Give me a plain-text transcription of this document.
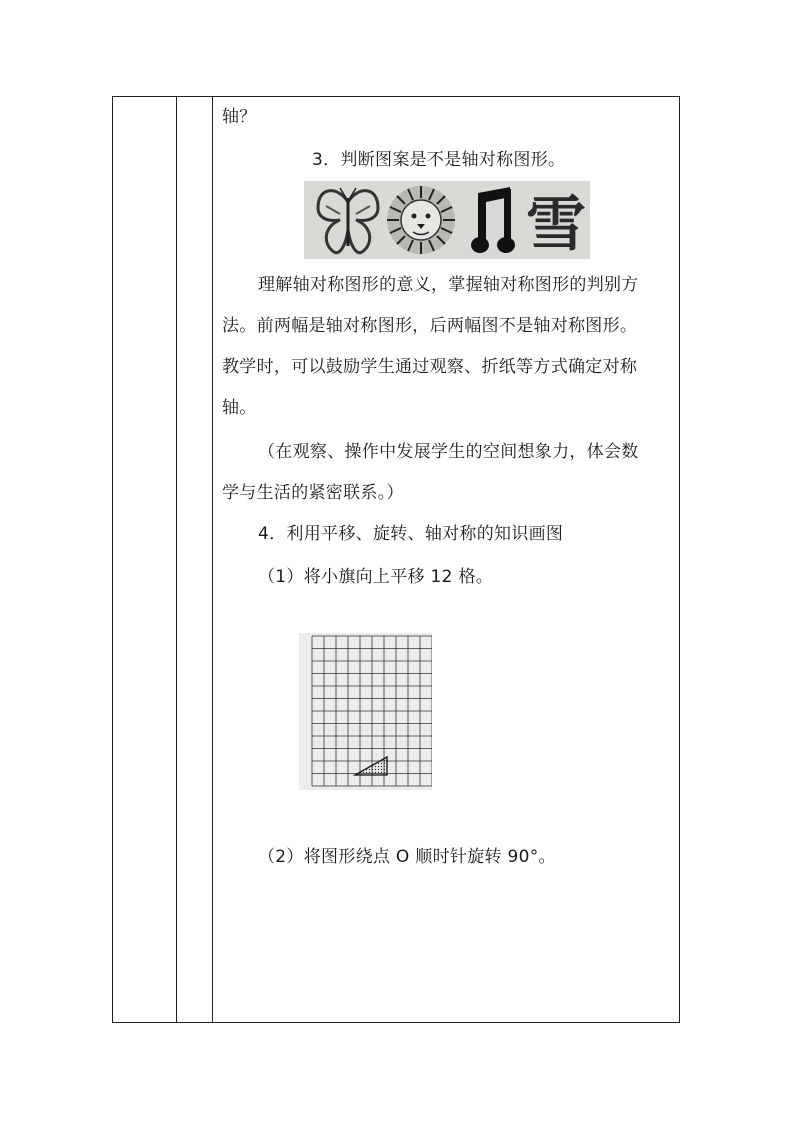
轴？
3．判断图案是不是轴对称图形。
雪
理解轴对称图形的意义，掌握轴对称图形的判别方
法。前两幅是轴对称图形，后两幅图不是轴对称图形。
教学时，可以鼓励学生通过观察、折纸等方式确定对称
轴。
（在观察、操作中发展学生的空间想象力，体会数
学与生活的紧密联系。）
4．利用平移、旋转、轴对称的知识画图
（1）将小旗向上平移 12 格。
（2）将图形绕点 O 顺时针旋转 90°。
